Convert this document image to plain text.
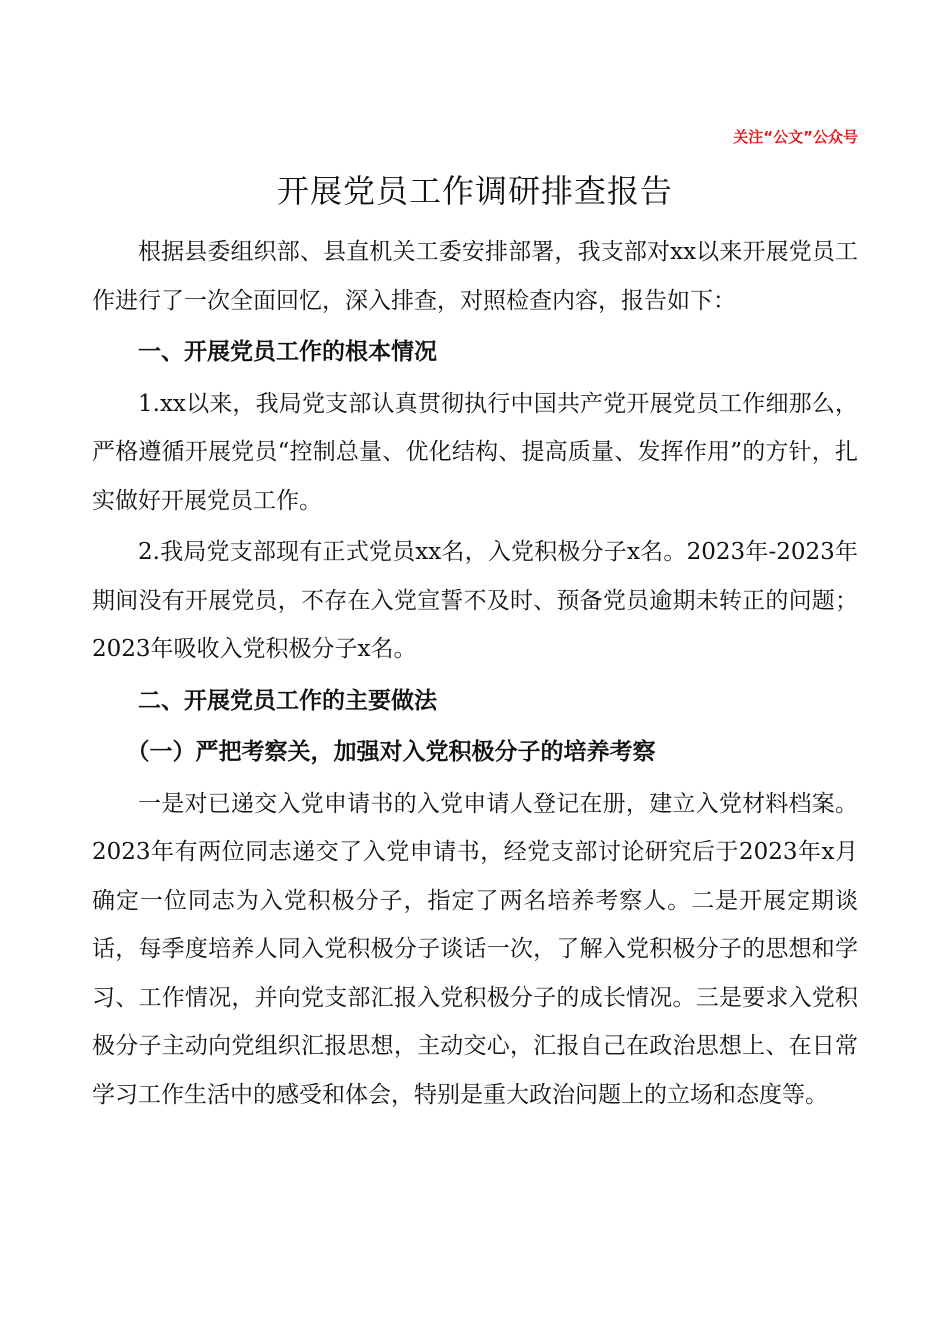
关注“公文”公众号
开展党员工作调研排查报告

根据县委组织部、县直机关工委安排部署，我支部对xx以来开展党员工作进行了一次全面回忆，深入排查，对照检查内容，报告如下：

一、开展党员工作的根本情况

1.xx以来，我局党支部认真贯彻执行中国共产党开展党员工作细那么，严格遵循开展党员“控制总量、优化结构、提高质量、发挥作用”的方针，扎实做好开展党员工作。

2.我局党支部现有正式党员xx名，入党积极分子x名。2023年-2023年期间没有开展党员，不存在入党宣誓不及时、预备党员逾期未转正的问题；2023年吸收入党积极分子x名。

二、开展党员工作的主要做法

（一）严把考察关，加强对入党积极分子的培养考察

一是对已递交入党申请书的入党申请人登记在册，建立入党材料档案。2023年有两位同志递交了入党申请书，经党支部讨论研究后于2023年x月确定一位同志为入党积极分子，指定了两名培养考察人。二是开展定期谈话，每季度培养人同入党积极分子谈话一次，了解入党积极分子的思想和学习、工作情况，并向党支部汇报入党积极分子的成长情况。三是要求入党积极分子主动向党组织汇报思想，主动交心，汇报自己在政治思想上、在日常学习工作生活中的感受和体会，特别是重大政治问题上的立场和态度等。
